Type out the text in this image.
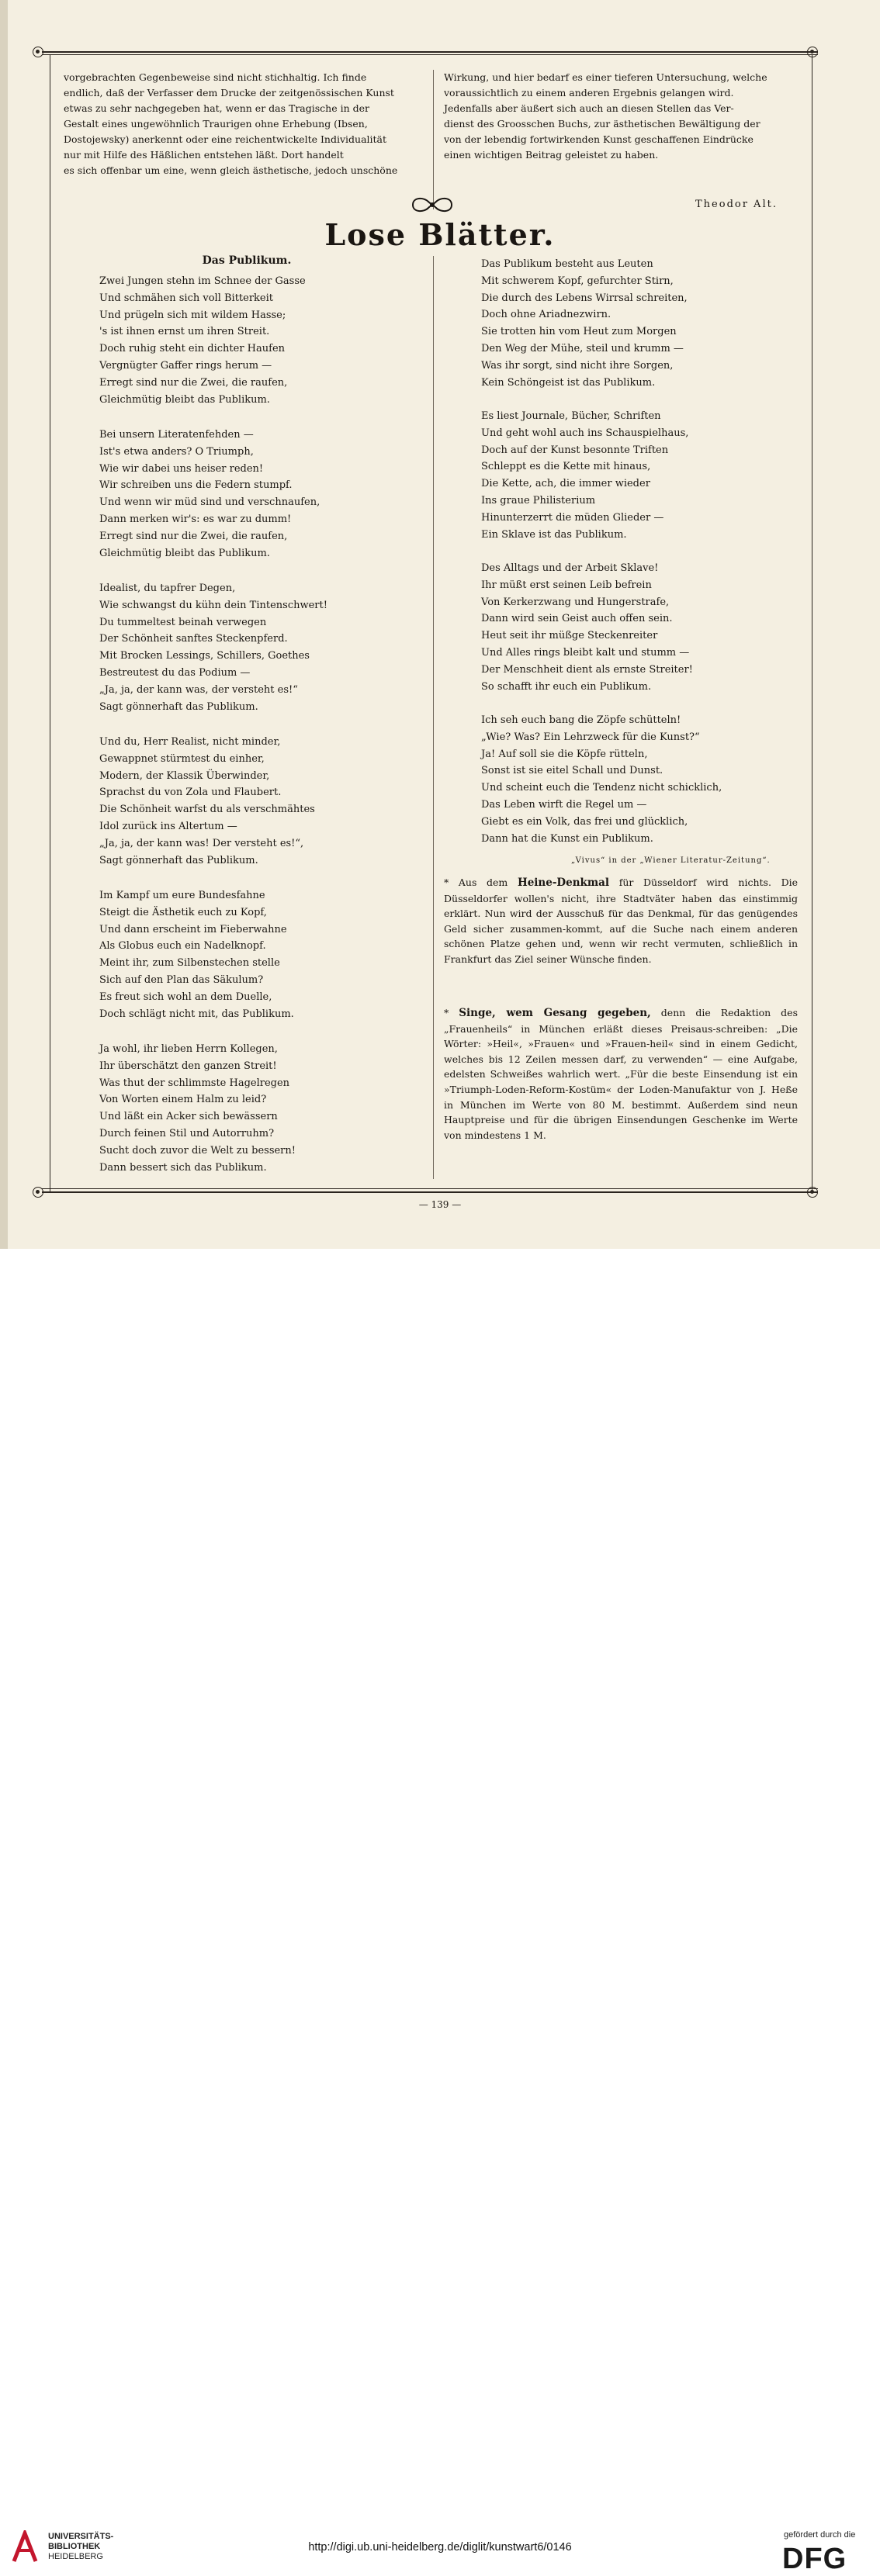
vorgebrachten Gegenbeweise sind nicht stichhaltig. Ich finde

endlich, daß der Verfasser dem Drucke der zeitgenössischen Kunst

etwas zu sehr nachgegeben hat, wenn er das Tragische in der

Gestalt eines ungewöhnlich Traurigen ohne Erhebung (Ibsen,

Dostojewsky) anerkennt oder eine reichentwickelte Individualität

nur mit Hilfe des Häßlichen entstehen läßt. Dort handelt

es sich offenbar um eine, wenn gleich ästhetische, jedoch unschöne

Wirkung, und hier bedarf es einer tieferen Untersuchung, welche

voraussichtlich zu einem anderen Ergebnis gelangen wird.

Jedenfalls aber äußert sich auch an diesen Stellen das Ver-

dienst des Groosschen Buchs, zur ästhetischen Bewältigung der

von der lebendig fortwirkenden Kunst geschaffenen Eindrücke

einen wichtigen Beitrag geleistet zu haben.

Theodor Alt.
Lose Blätter.
Das Publikum.
Zwei Jungen stehn im Schnee der Gasse
Und schmähen sich voll Bitterkeit
Und prügeln sich mit wildem Hasse;
's ist ihnen ernst um ihren Streit.
Doch ruhig steht ein dichter Haufen
Vergnügter Gaffer rings herum —
Erregt sind nur die Zwei, die raufen,
Gleichmütig bleibt das Publikum.
Bei unsern Literatenfehden —
Ist's etwa anders? O Triumph,
Wie wir dabei uns heiser reden!
Wir schreiben uns die Federn stumpf.
Und wenn wir müd sind und verschnaufen,
Dann merken wir's: es war zu dumm!
Erregt sind nur die Zwei, die raufen,
Gleichmütig bleibt das Publikum.
Idealist, du tapfrer Degen,
Wie schwangst du kühn dein Tintenschwert!
Du tummeltest beinah verwegen
Der Schönheit sanftes Steckenpferd.
Mit Brocken Lessings, Schillers, Goethes
Bestreutest du das Podium —
„Ja, ja, der kann was, der versteht es!“
Sagt gönnerhaft das Publikum.
Und du, Herr Realist, nicht minder,
Gewappnet stürmtest du einher,
Modern, der Klassik Überwinder,
Sprachst du von Zola und Flaubert.
Die Schönheit warfst du als verschmähtes
Idol zurück ins Altertum —
„Ja, ja, der kann was! Der versteht es!“,
Sagt gönnerhaft das Publikum.
Im Kampf um eure Bundesfahne
Steigt die Ästhetik euch zu Kopf,
Und dann erscheint im Fieberwahne
Als Globus euch ein Nadelknopf.
Meint ihr, zum Silbenstechen stelle
Sich auf den Plan das Säkulum?
Es freut sich wohl an dem Duelle,
Doch schlägt nicht mit, das Publikum.
Ja wohl, ihr lieben Herrn Kollegen,
Ihr überschätzt den ganzen Streit!
Was thut der schlimmste Hagelregen
Von Worten einem Halm zu leid?
Und läßt ein Acker sich bewässern
Durch feinen Stil und Autorruhm?
Sucht doch zuvor die Welt zu bessern!
Dann bessert sich das Publikum.
Das Publikum besteht aus Leuten
Mit schwerem Kopf, gefurchter Stirn,
Die durch des Lebens Wirrsal schreiten,
Doch ohne Ariadnezwirn.
Sie trotten hin vom Heut zum Morgen
Den Weg der Mühe, steil und krumm —
Was ihr sorgt, sind nicht ihre Sorgen,
Kein Schöngeist ist das Publikum.
Es liest Journale, Bücher, Schriften
Und geht wohl auch ins Schauspielhaus,
Doch auf der Kunst besonnte Triften
Schleppt es die Kette mit hinaus,
Die Kette, ach, die immer wieder
Ins graue Philisterium
Hinunterzerrt die müden Glieder —
Ein Sklave ist das Publikum.
Des Alltags und der Arbeit Sklave!
Ihr müßt erst seinen Leib befrein
Von Kerkerzwang und Hungerstrafe,
Dann wird sein Geist auch offen sein.
Heut seit ihr müßge Steckenreiter
Und Alles rings bleibt kalt und stumm —
Der Menschheit dient als ernste Streiter!
So schafft ihr euch ein Publikum.
Ich seh euch bang die Zöpfe schütteln!
„Wie? Was? Ein Lehrzweck für die Kunst?“
Ja! Auf soll sie die Köpfe rütteln,
Sonst ist sie eitel Schall und Dunst.
Und scheint euch die Tendenz nicht schicklich,
Das Leben wirft die Regel um —
Giebt es ein Volk, das frei und glücklich,
Dann hat die Kunst ein Publikum.
„Vivus“ in der „Wiener Literatur-Zeitung“.
* Aus dem Heine-Denkmal für Düsseldorf wird nichts. Die Düsseldorfer wollen's nicht, ihre Stadtväter haben das einstimmig erklärt. Nun wird der Ausschuß für das Denkmal, für das genügendes Geld sicher zusammen-kommt, auf die Suche nach einem anderen schönen Platze gehen und, wenn wir recht vermuten, schließlich in Frankfurt das Ziel seiner Wünsche finden.
* Singe, wem Gesang gegeben, denn die Redaktion des „Frauenheils“ in München erläßt dieses Preisaus-schreiben: „Die Wörter: »Heil«, »Frauen« und »Frauen-heil« sind in einem Gedicht, welches bis 12 Zeilen messen darf, zu verwenden“ — eine Aufgabe, edelsten Schweißes wahrlich wert. „Für die beste Einsendung ist ein »Triumph-Loden-Reform-Kostüm« der Loden-Manufaktur von J. Heße in München im Werte von 80 M. bestimmt. Außerdem sind neun Hauptpreise und für die übrigen Einsendungen Geschenke im Werte von mindestens 1 M.
— 139 —
UNIVERSITÄTS-
BIBLIOTHEK
HEIDELBERG
http://digi.ub.uni-heidelberg.de/diglit/kunstwart6/0146
gefördert durch die
DFG
